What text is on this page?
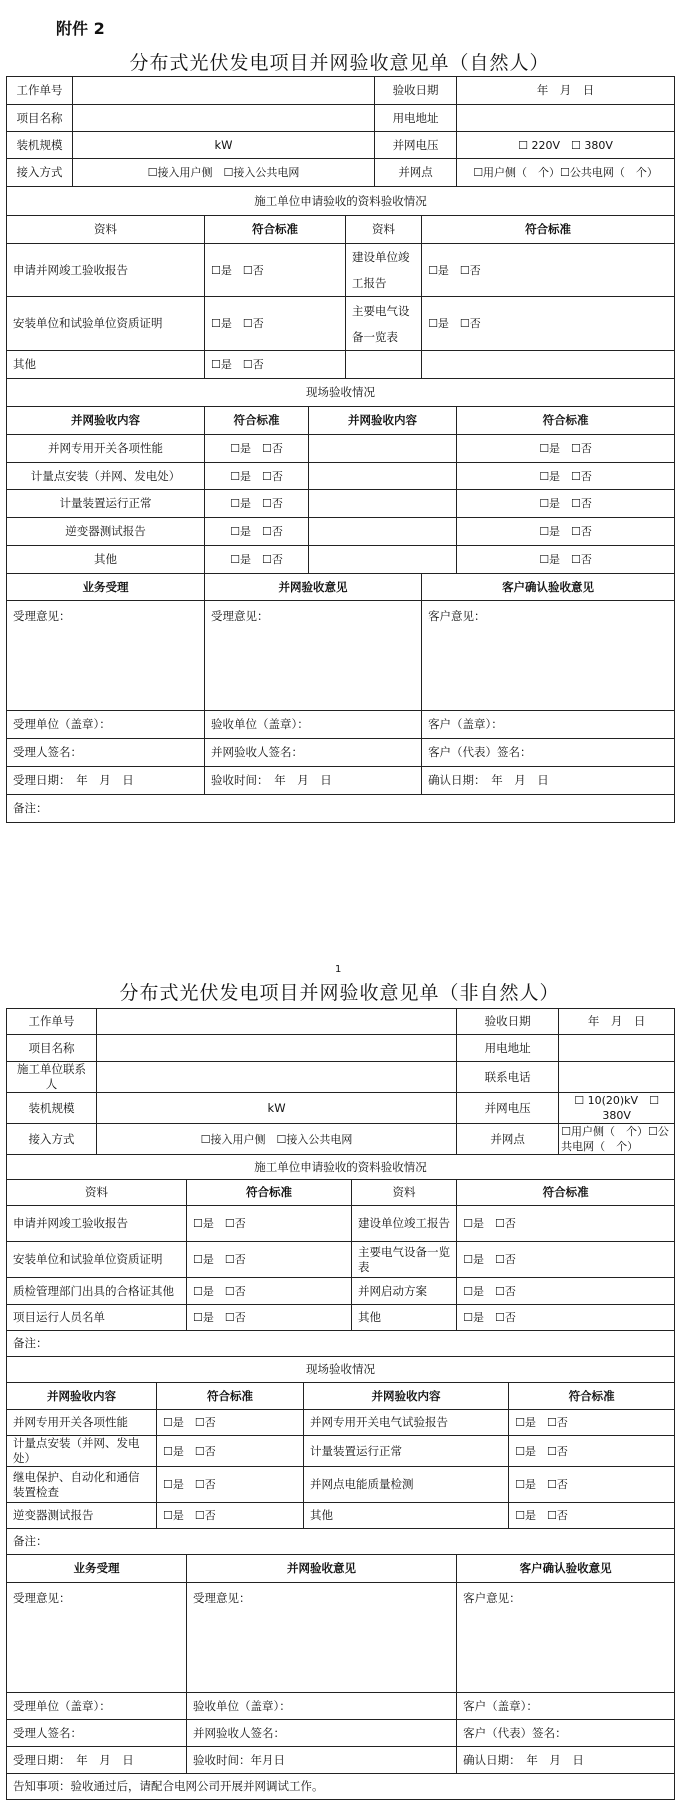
附件 2
分布式光伏发电项目并网验收意见单（自然人）
工作单号					验收日期		年　月　日
项目名称					用电地址		
装机规模	kW				并网电压		☐ 220V　☐ 380V
接入方式	☐接入用户侧　☐接入公共电网				并网点		☐用户侧（　个）☐公共电网（　个）
施工单位申请验收的资料验收情况							
资料		符合标准		资料		符合标准	
申请并网竣工验收报告		☐是　☐否		建设单位竣工报告		☐是　☐否	
安装单位和试验单位资质证明		☐是　☐否		主要电气设备一览表		☐是　☐否	
其他		☐是　☐否					
现场验收情况							
并网验收内容		符合标准	并网验收内容				符合标准
并网专用开关各项性能		☐是　☐否					☐是　☐否
计量点安装（并网、发电处）		☐是　☐否					☐是　☐否
计量装置运行正常		☐是　☐否					☐是　☐否
逆变器测试报告		☐是　☐否					☐是　☐否
其他		☐是　☐否					☐是　☐否
业务受理		并网验收意见				客户确认验收意见	
受理意见：		受理意见：				客户意见：	
受理单位（盖章）：		验收单位（盖章）：				客户（盖章）：	
受理人签名：		并网验收人签名：				客户（代表）签名：	
受理日期：　年　月　日		验收时间：　年　月　日				确认日期：　年　月　日	
备注：							
1
分布式光伏发电项目并网验收意见单（非自然人）
工作单号						验收日期		年　月　日
项目名称						用电地址		
施工单位联系人						联系电话		
装机规模	kW					并网电压		☐ 10(20)kV　☐ 380V
接入方式	☐接入用户侧　☐接入公共电网					并网点		☐用户侧（　个）☐公共电网（　个）
施工单位申请验收的资料验收情况								
资料			符合标准		资料	符合标准		
申请并网竣工验收报告			☐是　☐否		建设单位竣工报告	☐是　☐否		
安装单位和试验单位资质证明			☐是　☐否		主要电气设备一览表	☐是　☐否		
质检管理部门出具的合格证其他			☐是　☐否		并网启动方案	☐是　☐否		
项目运行人员名单			☐是　☐否		其他	☐是　☐否		
备注：								
现场验收情况								
并网验收内容		符合标准		并网验收内容			符合标准	
并网专用开关各项性能		☐是　☐否		并网专用开关电气试验报告			☐是　☐否	
计量点安装（并网、发电处）		☐是　☐否		计量装置运行正常			☐是　☐否	
继电保护、自动化和通信装置检查		☐是　☐否		并网点电能质量检测			☐是　☐否	
逆变器测试报告		☐是　☐否		其他			☐是　☐否	
备注：								
业务受理			并网验收意见			客户确认验收意见		
受理意见：			受理意见：			客户意见：		
受理单位（盖章）：			验收单位（盖章）：			客户（盖章）：		
受理人签名：			并网验收人签名：			客户（代表）签名：		
受理日期：　年　月　日			验收时间：年月日			确认日期：　年　月　日		
告知事项：验收通过后，请配合电网公司开展并网调试工作。								
